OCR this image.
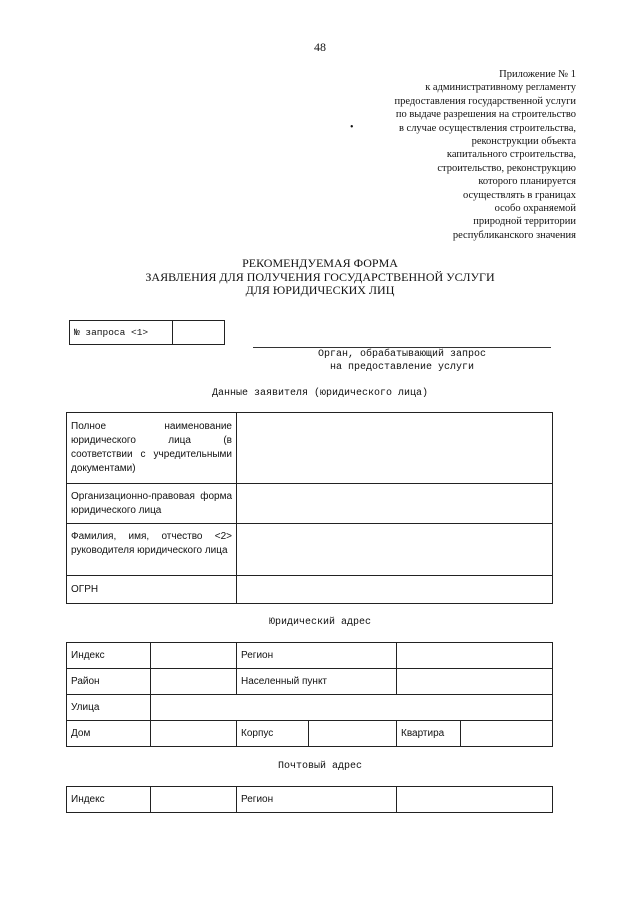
48
Приложение № 1
к административному регламенту
предоставления государственной услуги
по выдаче разрешения на строительство
в случае осуществления строительства,
реконструкции объекта
капитального строительства,
строительство, реконструкцию
которого планируется
осуществлять в границах
особо охраняемой
природной территории
республиканского значения
•
РЕКОМЕНДУЕМАЯ ФОРМА
ЗАЯВЛЕНИЯ ДЛЯ ПОЛУЧЕНИЯ ГОСУДАРСТВЕННОЙ УСЛУГИ
ДЛЯ ЮРИДИЧЕСКИХ ЛИЦ
№ запроса <1>
Орган, обрабатывающий запрос
на предоставление услуги
Данные заявителя (юридического лица)
Полное наименование юридического лица (в соответствии с учредительными документами)	
Организационно-правовая форма юридического лица	
Фамилия, имя, отчество <2> руководителя юридического лица	
ОГРН	
Юридический адрес
Индекс		Регион			
Район		Населенный пункт			
Улица					
Дом		Корпус		Квартира	
Почтовый адрес
Индекс		Регион	
